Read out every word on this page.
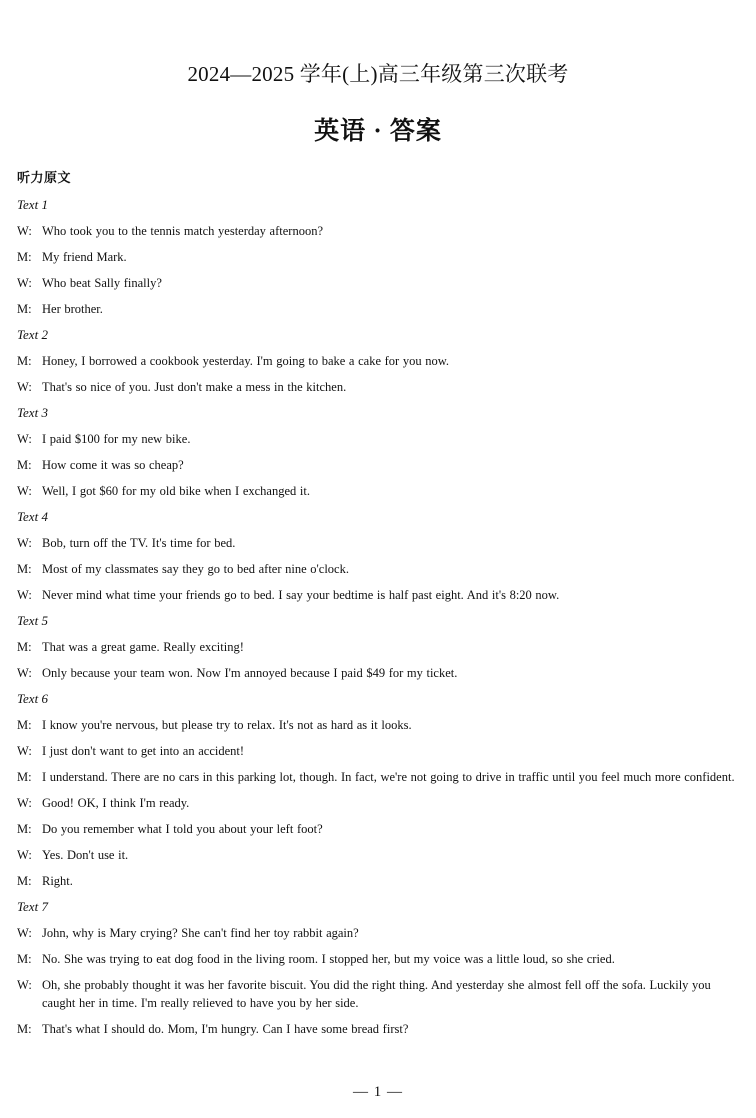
2024—2025 学年(上)高三年级第三次联考
英语 · 答案
听力原文
Text 1
W: Who took you to the tennis match yesterday afternoon?
M: My friend Mark.
W: Who beat Sally finally?
M: Her brother.
Text 2
M: Honey, I borrowed a cookbook yesterday. I'm going to bake a cake for you now.
W: That's so nice of you. Just don't make a mess in the kitchen.
Text 3
W: I paid $100 for my new bike.
M: How come it was so cheap?
W: Well, I got $60 for my old bike when I exchanged it.
Text 4
W: Bob, turn off the TV. It's time for bed.
M: Most of my classmates say they go to bed after nine o'clock.
W: Never mind what time your friends go to bed. I say your bedtime is half past eight. And it's 8:20 now.
Text 5
M: That was a great game. Really exciting!
W: Only because your team won. Now I'm annoyed because I paid $49 for my ticket.
Text 6
M: I know you're nervous, but please try to relax. It's not as hard as it looks.
W: I just don't want to get into an accident!
M: I understand. There are no cars in this parking lot, though. In fact, we're not going to drive in traffic until you feel much more confident.
W: Good! OK, I think I'm ready.
M: Do you remember what I told you about your left foot?
W: Yes. Don't use it.
M: Right.
Text 7
W: John, why is Mary crying? She can't find her toy rabbit again?
M: No. She was trying to eat dog food in the living room. I stopped her, but my voice was a little loud, so she cried.
W: Oh, she probably thought it was her favorite biscuit. You did the right thing. And yesterday she almost fell off the sofa. Luckily you caught her in time. I'm really relieved to have you by her side.
M: That's what I should do. Mom, I'm hungry. Can I have some bread first?
— 1 —
